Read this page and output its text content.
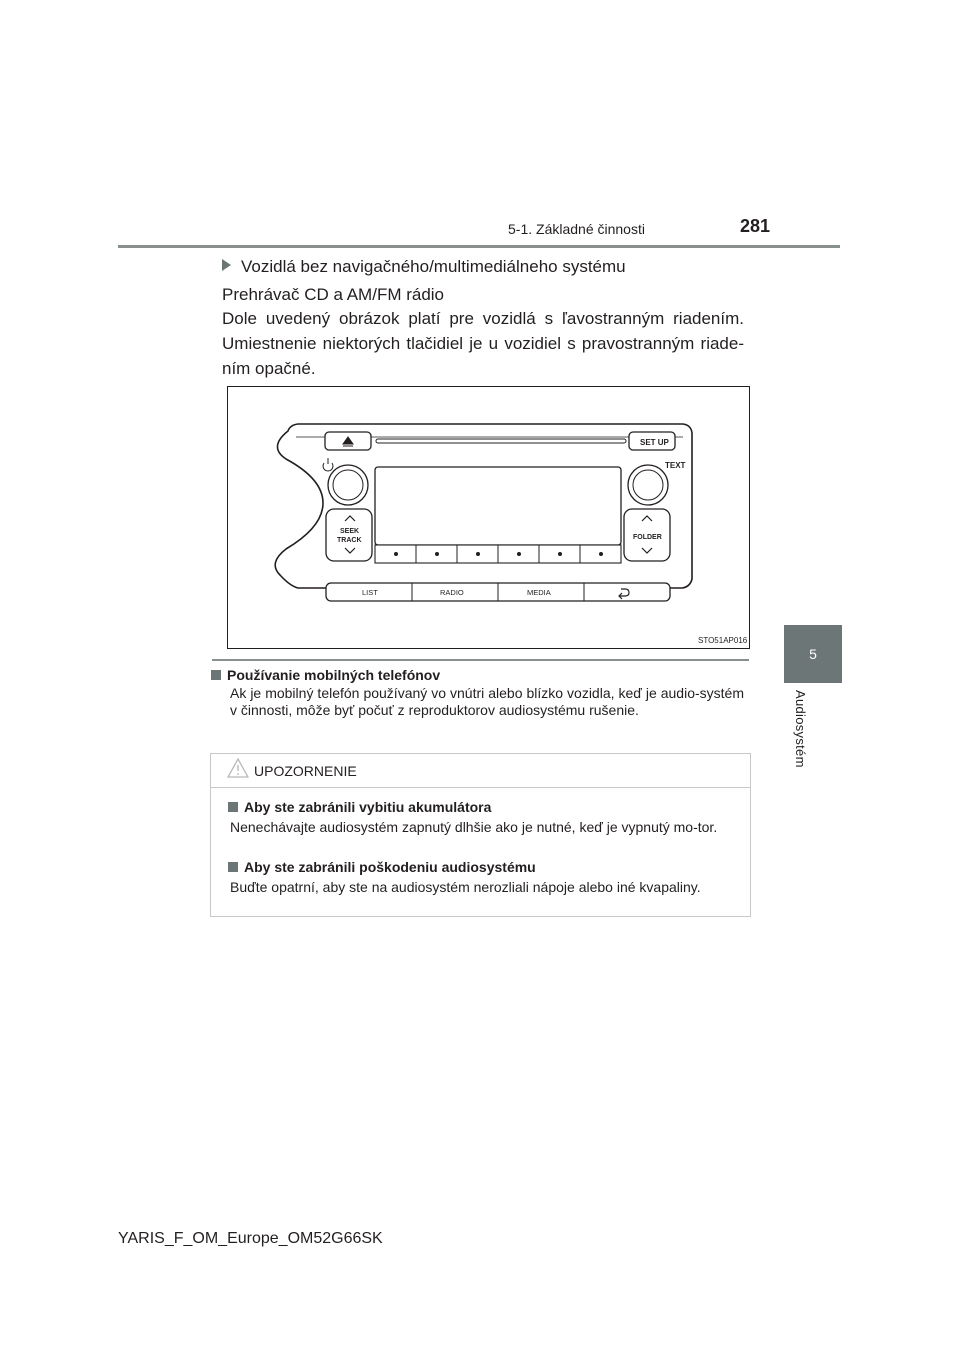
5-1. Základné činnosti	281
5
Audiosystém
Vozidlá bez navigačného/multimediálneho systému
Prehrávač CD a AM/FM rádio
Dole uvedený obrázok platí pre vozidlá s ľavostranným riadením. Umiestnenie niektorých tlačidiel je u vozidiel s pravostranným riade-ním opačné.
SET UP
TEXT
SEEK
TRACK	FOLDER
LIST	RADIO	MEDIA
STO51AP016
Používanie mobilných telefónov
Ak je mobilný telefón používaný vo vnútri alebo blízko vozidla, keď je audio-systém v činnosti, môže byť počuť z reproduktorov audiosystému rušenie.
UPOZORNENIE
Aby ste zabránili vybitiu akumulátora
Nenechávajte audiosystém zapnutý dlhšie ako je nutné, keď je vypnutý mo-tor.
Aby ste zabránili poškodeniu audiosystému
Buďte opatrní, aby ste na audiosystém nerozliali nápoje alebo iné kvapaliny.
YARIS_F_OM_Europe_OM52G66SK
